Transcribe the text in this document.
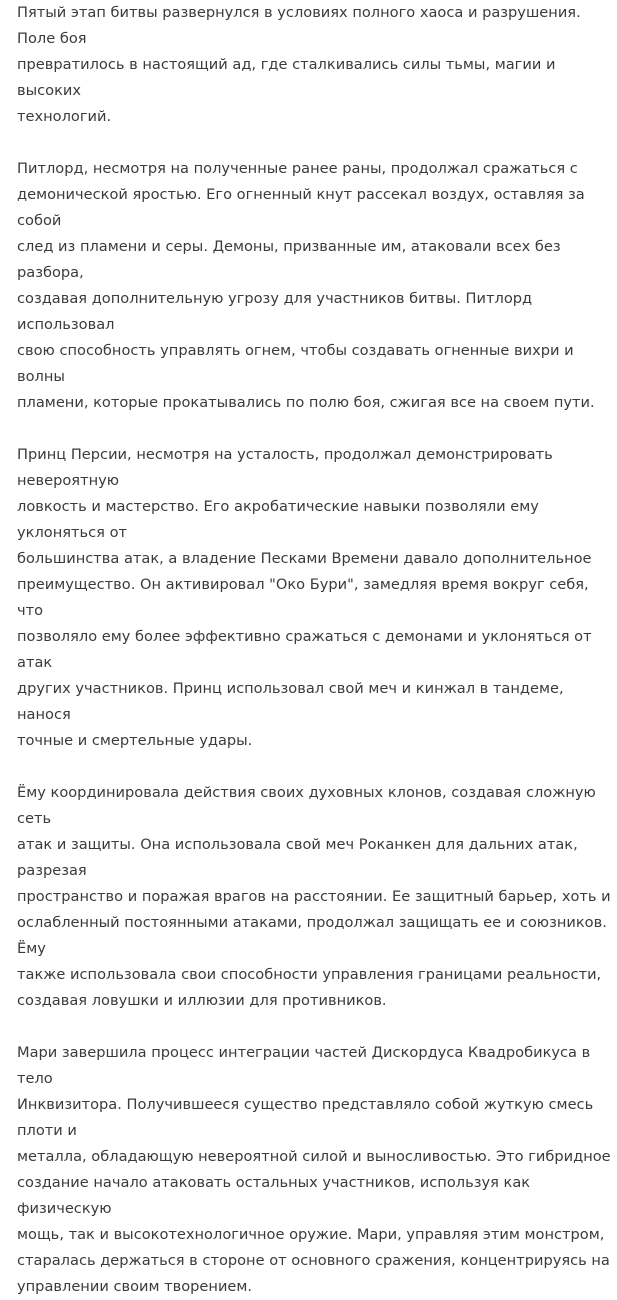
Пятый этап битвы развернулся в условиях полного хаоса и разрушения. Поле боя
превратилось в настоящий ад, где сталкивались силы тьмы, магии и высоких
технологий.

Питлорд, несмотря на полученные ранее раны, продолжал сражаться с
демонической яростью. Его огненный кнут рассекал воздух, оставляя за собой
след из пламени и серы. Демоны, призванные им, атаковали всех без разбора,
создавая дополнительную угрозу для участников битвы. Питлорд использовал
свою способность управлять огнем, чтобы создавать огненные вихри и волны
пламени, которые прокатывались по полю боя, сжигая все на своем пути.

Принц Персии, несмотря на усталость, продолжал демонстрировать невероятную
ловкость и мастерство. Его акробатические навыки позволяли ему уклоняться от
большинства атак, а владение Песками Времени давало дополнительное
преимущество. Он активировал "Око Бури", замедляя время вокруг себя, что
позволяло ему более эффективно сражаться с демонами и уклоняться от атак
других участников. Принц использовал свой меч и кинжал в тандеме, нанося
точные и смертельные удары.

Ёму координировала действия своих духовных клонов, создавая сложную сеть
атак и защиты. Она использовала свой меч Роканкен для дальних атак, разрезая
пространство и поражая врагов на расстоянии. Ее защитный барьер, хоть и
ослабленный постоянными атаками, продолжал защищать ее и союзников. Ёму
также использовала свои способности управления границами реальности,
создавая ловушки и иллюзии для противников.

Мари завершила процесс интеграции частей Дискордуса Квадробикуса в тело
Инквизитора. Получившееся существо представляло собой жуткую смесь плоти и
металла, обладающую невероятной силой и выносливостью. Это гибридное
создание начало атаковать остальных участников, используя как физическую
мощь, так и высокотехнологичное оружие. Мари, управляя этим монстром,
старалась держаться в стороне от основного сражения, концентрируясь на
управлении своим творением.
